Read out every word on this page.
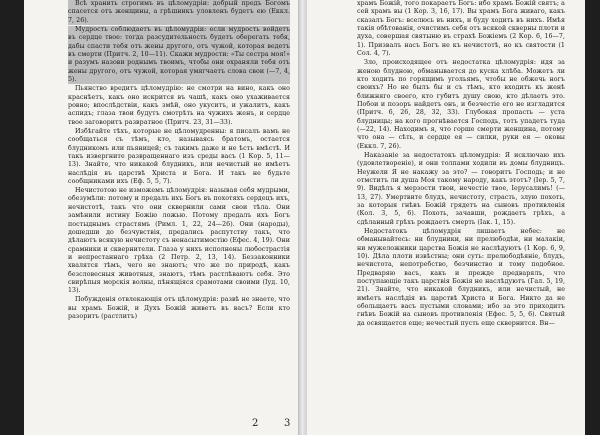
Всѣ хранить строгимъ въ цѣломудрiи: добрый предъ Богомъ спасется отъ женщины, а грѣшникъ уловленъ будетъ ею (Еккл. 7, 26).

Мудрость соблюдаетъ въ цѣломудрiи: если мудрость войдетъ въ сердце твое: тогда разсудительность будетъ оберегать тебя, дабы спасти тебя отъ жены другого, отъ чужой, которая ведетъ въ смерти (Притч. 2, 10—11). Скажи мудрости: «Ты сестра моя!» и разумъ назови роднымъ твоимъ, чтобы они охраняли тебя отъ жены другого, отъ чужой, которая умягчаетъ слова свои (—7, 4, 5).

Пьянство вредитъ цѣломудрiю: не смотри на вино, какъ оно краснѣетъ, какъ оно искрится въ чашѣ, какъ оно ухаживается ровно; впослѣдствiи, какъ змѣй, оно укуситъ, и ужалитъ, какъ аспидъ; глаза твои будутъ смотрѣть на чужихъ женъ, и сердце твое заговоритъ развратное (Притч. 23, 31—33).

Избѣгайте тѣхъ, которые не цѣломудренны: я писалъ вамъ не сообщаться съ тѣмъ, кто, называясь братомъ, остается блудникомъ или пьяницей; съ такимъ даже и не ѣсть вмѣстѣ. И такъ извергните развращеннаго изъ среды васъ (1 Кор. 5, 11—13). Знайте, что никакой блудникъ, или нечистый не имѣетъ наслѣдiя въ царствѣ Христа и Бога. И такъ не будьте сообщниками ихъ (Еф. 5, 5, 7).

Нечистотою не изможемъ цѣломудрiя: называя себя мудрыми, обезумѣли: потому и предалъ ихъ Богъ въ похотяхъ сердецъ ихъ, нечистотѣ, такъ что они сквернили сами свои тѣла. Они замѣнили истину Божiю ложью. Потому предалъ ихъ Богъ постыднымъ страстямъ (Римл. 1, 22, 24—26). Они (народы), дошедши до безчувствiя, предались распутству такъ, что дѣлаютъ всякую нечистоту съ ненасытимостiю (Ефес. 4, 19). Они срамники и сквернители. Глаза у нихъ исполнены любострастiя и непрестаннаго грѣха (2 Петр. 2, 13, 14). Беззаконники хвалятся тѣмъ, чего не знаютъ; что же по природѣ, какъ безсловесныя животныя, знаютъ, тѣмъ растлѣваютъ себя. Это свирѣпыя морскiя волны, пѣнящiяся срамотами своими (Iуд. 10, 13).

Побужденiя отвлекающiя отъ цѣломудрiя: развѣ не знаете, что вы храмъ Божiй, и Духъ Божiй живетъ въ васъ? Если кто разоритъ (растлитъ)

храмъ Божiй, того покараетъ Богъ: ибо храмъ Божiй святъ; а сей храмъ вы (1 Кор. 3, 16, 17). Вы храмъ Бога живаго, какъ сказалъ Богъ: вселюсь въ нихъ, и буду ходить въ нихъ. Имѣя такiя обѣтованiя, очистимъ себя отъ всякой скверны плоти и духа, совершая святыню въ страхѣ Божiемъ (2 Кор. 6, 16—7, 1). Призвалъ насъ Богъ не къ нечистотѣ, но къ святости (1 Сол. 4, 7).

Зло, происходящее отъ недостатка цѣломудрiя: идя за женою блудною, обманывается до куска хлѣба. Можетъ ли кто ходить по горящимъ угольямъ, чтобы не обжечь ногъ своихъ? Но не былъ бы и съ тѣмъ, кто входитъ къ женѣ ближняго своего, кто губитъ душу свою, кто дѣлаетъ это. Побои и позоръ найдетъ онъ, и безчестiе его не изгладится (Притч. 6, 26, 28, 32, 33). Глубокая пропасть — уста блудницы; на кого прогнѣвается Господь, тотъ упадетъ туда (—22, 14). Находимъ я, что горше смерти женщина, потому что она — сѣть, и сердце ея — силки, руки ея — оковы (Еккл. 7, 26).

Наказанiе за недостатокъ цѣломудрiя: Я исключаю ихъ (удовлетворенiе), и они толпами ходили въ домы блудницъ. Неужели Я не накажу за это? — говоритъ Господь; и не отмститъ ли душа Моя такому народу, какъ этотъ? (Iер. 5, 7, 9). Видѣлъ я мерзости твои, нечестiе твое, Iерусалимъ! (— 13, 27). Умертвите блудъ, нечистоту, страсть, злую похоть, за которыя гнѣвъ Божiй грядетъ на сыновъ противленiя (Кол. 3, 5, 6). Похоть, зачавши, рождаетъ грѣхъ, а сдѣланный грѣхъ рождаетъ смерть (Iак. 1, 15).

Недостатокъ цѣломудрiя лишаетъ небес: не обманывайтесь: ни блудники, ни прелюбодѣи, ни малакiи, ни мужеложники царства Божiя не наслѣдуютъ (1 Кор. 6, 9, 10). Дѣла плоти извѣстны; они суть: прелюбодѣянiе, блудъ, нечистота, непотребство, безчинство и тому подобное. Предваряю васъ, какъ и прежде предварялъ, что поступающiе такъ царствiя Божiя не наслѣдуютъ (Гал. 5, 19, 21). Знайте, что никакой блудникъ, или нечистый, не имѣетъ наслѣдiя въ царствѣ Христа и Бога. Никто да не обольщаетъ васъ пустыми словами; ибо за это приходитъ гнѣвъ Божiй на сыновъ противленiя (Ефес. 5, 5, 6). Святый да освящается еще; нечестый пусть еще сквернится. Вн—

2	3
